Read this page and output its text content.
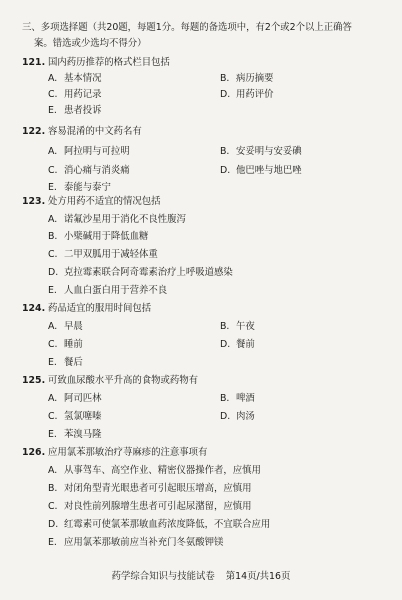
三、多项选择题（共20题，每题1分。每题的备选项中，有2个或2个以上正确答
案。错选或少选均不得分）
121. 国内药历推荐的格式栏目包括
A. 基本情况	B. 病历摘要
C. 用药记录	D. 用药评价
E. 患者投诉
122. 容易混淆的中文药名有
A. 阿拉明与可拉明	B. 安妥明与安妥碘
C. 消心痛与消炎痛	D. 他巴唑与地巴唑
E. 泰能与泰宁
123. 处方用药不适宜的情况包括
A. 诺氟沙星用于消化不良性腹泻
B. 小檗碱用于降低血糖
C. 二甲双胍用于减轻体重
D. 克拉霉素联合阿奇霉素治疗上呼吸道感染
E. 人血白蛋白用于营养不良
124. 药品适宜的服用时间包括
A. 早晨	B. 午夜
C. 睡前	D. 餐前
E. 餐后
125. 可致血尿酸水平升高的食物或药物有
A. 阿司匹林	B. 啤酒
C. 氢氯噻嗪	D. 肉汤
E. 苯溴马隆
126. 应用氯苯那敏治疗荨麻疹的注意事项有
A. 从事驾车、高空作业、精密仪器操作者，应慎用
B. 对闭角型青光眼患者可引起眼压增高，应慎用
C. 对良性前列腺增生患者可引起尿潴留，应慎用
D. 红霉素可使氯苯那敏血药浓度降低，不宜联合应用
E. 应用氯苯那敏前应当补充门冬氨酸钾镁
药学综合知识与技能试卷 第14页/共16页
